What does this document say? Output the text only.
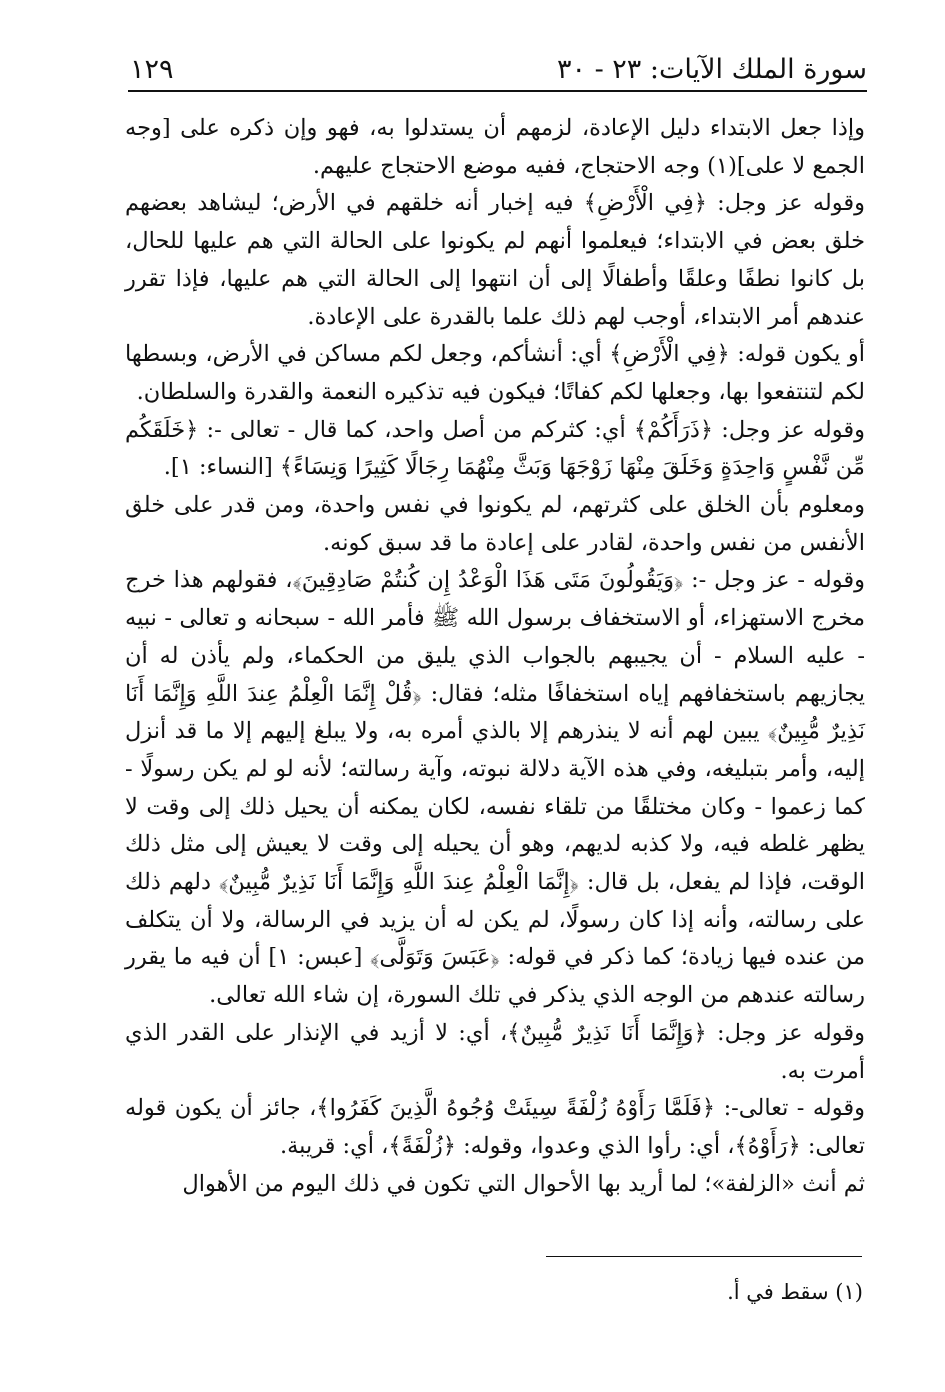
سورة الملك الآيات: ٢٣ - ٣٠
١٢٩

وإذا جعل الابتداء دليل الإعادة، لزمهم أن يستدلوا به، فهو وإن ذكره على [وجه الجمع لا على](١) وجه الاحتجاج، ففيه موضع الاحتجاج عليهم.

وقوله عز وجل: ﴿فِي الْأَرْضِ﴾ فيه إخبار أنه خلقهم في الأرض؛ ليشاهد بعضهم خلق بعض في الابتداء؛ فيعلموا أنهم لم يكونوا على الحالة التي هم عليها للحال، بل كانوا نطفًا وعلقًا وأطفالًا إلى أن انتهوا إلى الحالة التي هم عليها، فإذا تقرر عندهم أمر الابتداء، أوجب لهم ذلك علما بالقدرة على الإعادة.

أو يكون قوله: ﴿فِي الْأَرْضِ﴾ أي: أنشأكم، وجعل لكم مساكن في الأرض، وبسطها لكم لتنتفعوا بها، وجعلها لكم كفاتًا؛ فيكون فيه تذكيره النعمة والقدرة والسلطان.

وقوله عز وجل: ﴿ذَرَأَكُمْ﴾ أي: كثركم من أصل واحد، كما قال - تعالى -: ﴿خَلَقَكُم مِّن نَّفْسٍ وَاحِدَةٍ وَخَلَقَ مِنْهَا زَوْجَهَا وَبَثَّ مِنْهُمَا رِجَالًا كَثِيرًا وَنِسَاءً﴾ [النساء: ١].

ومعلوم بأن الخلق على كثرتهم، لم يكونوا في نفس واحدة، ومن قدر على خلق الأنفس من نفس واحدة، لقادر على إعادة ما قد سبق كونه.

وقوله - عز وجل -: ﴿وَيَقُولُونَ مَتَى هَذَا الْوَعْدُ إِن كُنتُمْ صَادِقِينَ﴾، فقولهم هذا خرج مخرج الاستهزاء، أو الاستخفاف برسول الله ﷺ فأمر الله - سبحانه و تعالى - نبيه - عليه السلام - أن يجيبهم بالجواب الذي يليق من الحكماء، ولم يأذن له أن يجازيهم باستخفافهم إياه استخفافًا مثله؛ فقال: ﴿قُلْ إِنَّمَا الْعِلْمُ عِندَ اللَّهِ وَإِنَّمَا أَنَا نَذِيرٌ مُّبِينٌ﴾ يبين لهم أنه لا ينذرهم إلا بالذي أمره به، ولا يبلغ إليهم إلا ما قد أنزل إليه، وأمر بتبليغه، وفي هذه الآية دلالة نبوته، وآية رسالته؛ لأنه لو لم يكن رسولًا - كما زعموا - وكان مختلقًا من تلقاء نفسه، لكان يمكنه أن يحيل ذلك إلى وقت لا يظهر غلطه فيه، ولا كذبه لديهم، وهو أن يحيله إلى وقت لا يعيش إلى مثل ذلك الوقت، فإذا لم يفعل، بل قال: ﴿إِنَّمَا الْعِلْمُ عِندَ اللَّهِ وَإِنَّمَا أَنَا نَذِيرٌ مُّبِينٌ﴾ دلهم ذلك على رسالته، وأنه إذا كان رسولًا، لم يكن له أن يزيد في الرسالة، ولا أن يتكلف من عنده فيها زيادة؛ كما ذكر في قوله: ﴿عَبَسَ وَتَوَلَّى﴾ [عبس: ١] أن فيه ما يقرر رسالته عندهم من الوجه الذي يذكر في تلك السورة، إن شاء الله تعالى.

وقوله عز وجل: ﴿وَإِنَّمَا أَنَا نَذِيرٌ مُّبِينٌ﴾، أي: لا أزيد في الإنذار على القدر الذي أمرت به.

وقوله - تعالى-: ﴿فَلَمَّا رَأَوْهُ زُلْفَةً سِيئَتْ وُجُوهُ الَّذِينَ كَفَرُوا﴾، جائز أن يكون قوله تعالى: ﴿رَأَوْهُ﴾، أي: رأوا الذي وعدوا، وقوله: ﴿زُلْفَةً﴾، أي: قريبة.

ثم أنث «الزلفة»؛ لما أريد بها الأحوال التي تكون في ذلك اليوم من الأهوال

(١) سقط في أ.
